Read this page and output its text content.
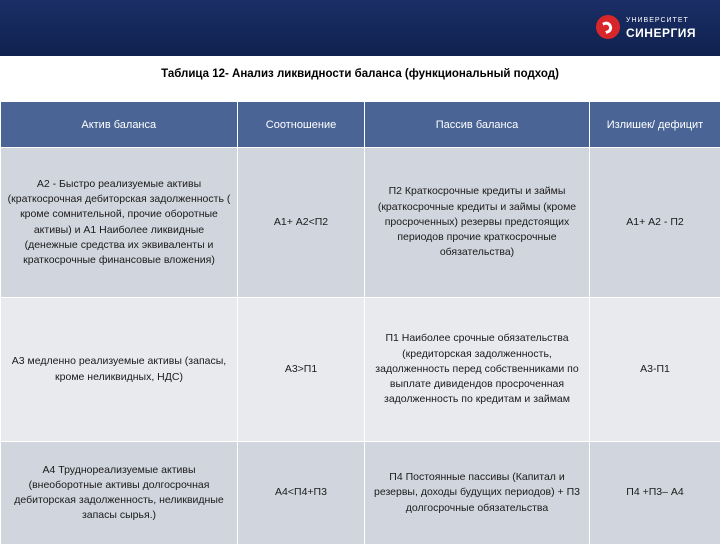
УНИВЕРСИТЕТ
СИНЕРГИЯ
Таблица 12- Анализ ликвидности баланса (функциональный подход)
Актив баланса	Соотношение	Пассив баланса	Излишек/ дефицит
А2 - Быстро реализуемые активы (краткосрочная дебиторская задолженность ( кроме сомнительной, прочие оборотные активы) и А1 Наиболее ликвидные (денежные средства их эквиваленты и краткосрочные финансовые вложения)	А1+ А2<П2	П2 Краткосрочные кредиты и займы (краткосрочные кредиты и займы (кроме просроченных) резервы предстоящих периодов прочие краткосрочные обязательства)	А1+ А2 - П2
А3 медленно реализуемые активы (запасы, кроме неликвидных, НДС)	А3>П1	П1 Наиболее срочные обязательства (кредиторская задолженность, задолженность перед собственниками по выплате дивидендов просроченная задолженность по кредитам и займам	А3-П1
А4 Труднореализуемые активы (внеоборотные активы долгосрочная дебиторская задолженность, неликвидные запасы сырья.)	А4<П4+П3	П4 Постоянные пассивы (Капитал и резервы, доходы будущих периодов) + П3 долгосрочные обязательства	П4 +П3– А4
